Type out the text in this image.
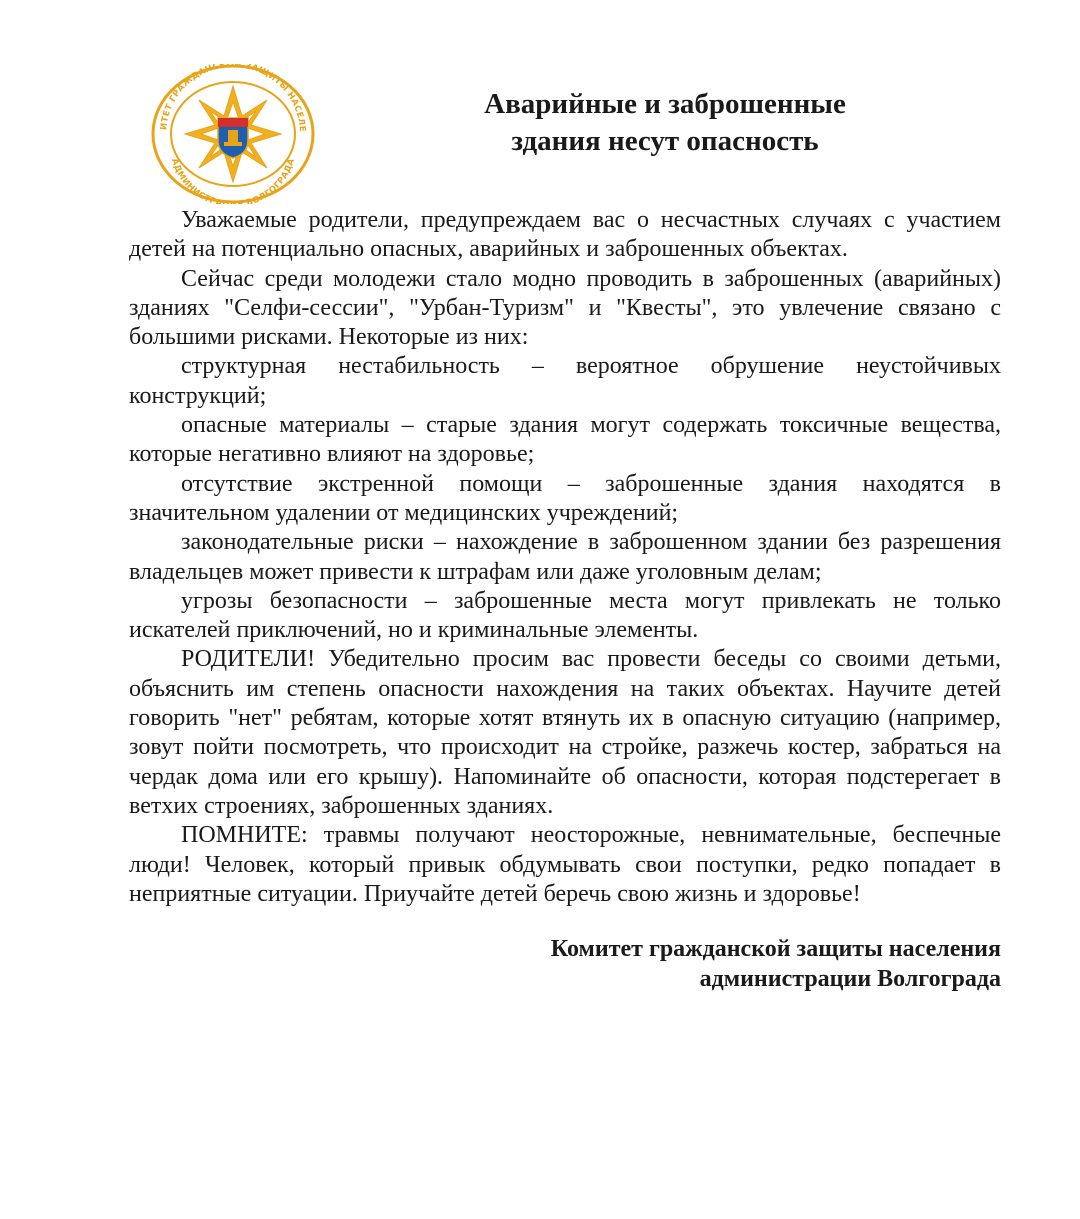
ИТЕТ ГРАЖДАНСКОЙ ЗАЩИТЫ НАСЕЛЕ
АДМИНИСТРА ВОЛГОГРАДА
Аварийные и заброшенные
здания несут опасность

Уважаемые родители, предупреждаем вас о несчастных случаях с участием детей на потенциально опасных, аварийных и заброшенных объектах.

Сейчас среди молодежи стало модно проводить в заброшенных (аварийных) зданиях "Селфи-сессии", "Урбан-Туризм" и "Квесты", это увлечение связано с большими рисками. Некоторые из них:

структурная нестабильность – вероятное обрушение неустойчивых конструкций;

опасные материалы – старые здания могут содержать токсичные вещества, которые негативно влияют на здоровье;

отсутствие экстренной помощи – заброшенные здания находятся в значительном удалении от медицинских учреждений;

законодательные риски – нахождение в заброшенном здании без разрешения владельцев может привести к штрафам или даже уголовным делам;

угрозы безопасности – заброшенные места могут привлекать не только искателей приключений, но и криминальные элементы.

РОДИТЕЛИ! Убедительно просим вас провести беседы со своими детьми, объяснить им степень опасности нахождения на таких объектах. Научите детей говорить "нет" ребятам, которые хотят втянуть их в опасную ситуацию (например, зовут пойти посмотреть, что происходит на стройке, разжечь костер, забраться на чердак дома или его крышу). Напоминайте об опасности, которая подстерегает в ветхих строениях, заброшенных зданиях.

ПОМНИТЕ: травмы получают неосторожные, невнимательные, беспечные люди! Человек, который привык обдумывать свои поступки, редко попадает в неприятные ситуации. Приучайте детей беречь свою жизнь и здоровье!

Комитет гражданской защиты населения
администрации Волгограда
